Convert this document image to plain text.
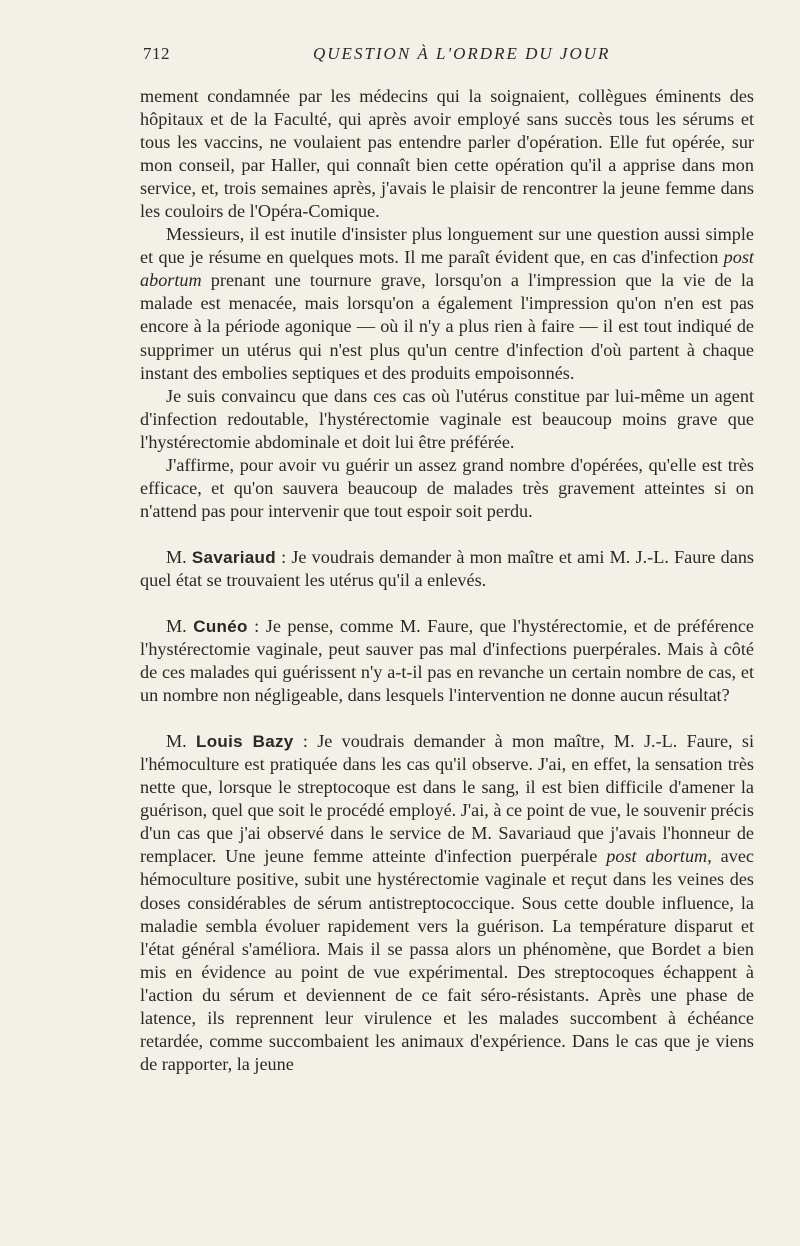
712	QUESTION À L'ORDRE DU JOUR

mement condamnée par les médecins qui la soignaient, collègues éminents des hôpitaux et de la Faculté, qui après avoir employé sans succès tous les sérums et tous les vaccins, ne voulaient pas entendre parler d'opération. Elle fut opérée, sur mon conseil, par Haller, qui connaît bien cette opération qu'il a apprise dans mon service, et, trois semaines après, j'avais le plaisir de rencontrer la jeune femme dans les couloirs de l'Opéra-Comique.

Messieurs, il est inutile d'insister plus longuement sur une question aussi simple et que je résume en quelques mots. Il me paraît évident que, en cas d'infection post abortum prenant une tournure grave, lorsqu'on a l'impression que la vie de la malade est menacée, mais lorsqu'on a également l'impression qu'on n'en est pas encore à la période agonique — où il n'y a plus rien à faire — il est tout indiqué de supprimer un utérus qui n'est plus qu'un centre d'infection d'où partent à chaque instant des embolies septiques et des produits empoisonnés.

Je suis convaincu que dans ces cas où l'utérus constitue par lui-même un agent d'infection redoutable, l'hystérectomie vaginale est beaucoup moins grave que l'hystérectomie abdominale et doit lui être préférée.

J'affirme, pour avoir vu guérir un assez grand nombre d'opérées, qu'elle est très efficace, et qu'on sauvera beaucoup de malades très gravement atteintes si on n'attend pas pour intervenir que tout espoir soit perdu.

M. Savariaud : Je voudrais demander à mon maître et ami M. J.-L. Faure dans quel état se trouvaient les utérus qu'il a enlevés.

M. Cunéo : Je pense, comme M. Faure, que l'hystérectomie, et de préférence l'hystérectomie vaginale, peut sauver pas mal d'infections puerpérales. Mais à côté de ces malades qui guérissent n'y a-t-il pas en revanche un certain nombre de cas, et un nombre non négligeable, dans lesquels l'intervention ne donne aucun résultat?

M. Louis Bazy : Je voudrais demander à mon maître, M. J.-L. Faure, si l'hémoculture est pratiquée dans les cas qu'il observe. J'ai, en effet, la sensation très nette que, lorsque le streptocoque est dans le sang, il est bien difficile d'amener la guérison, quel que soit le procédé employé. J'ai, à ce point de vue, le souvenir précis d'un cas que j'ai observé dans le service de M. Savariaud que j'avais l'honneur de remplacer. Une jeune femme atteinte d'infection puerpérale post abortum, avec hémoculture positive, subit une hystérectomie vaginale et reçut dans les veines des doses considérables de sérum antistreptococcique. Sous cette double influence, la maladie sembla évoluer rapidement vers la guérison. La température disparut et l'état général s'améliora. Mais il se passa alors un phénomène, que Bordet a bien mis en évidence au point de vue expérimental. Des streptocoques échappent à l'action du sérum et deviennent de ce fait séro-résistants. Après une phase de latence, ils reprennent leur virulence et les malades succombent à échéance retardée, comme succombaient les animaux d'expérience. Dans le cas que je viens de rapporter, la jeune
